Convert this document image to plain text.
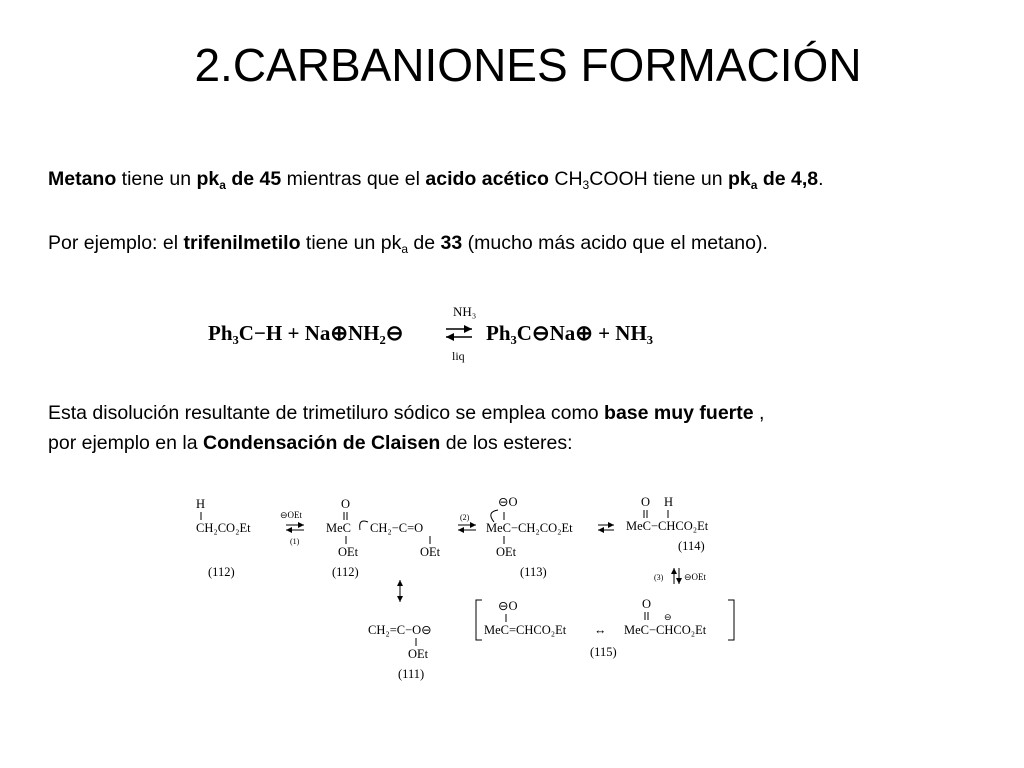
2.CARBANIONES FORMACIÓN
Metano tiene un $pk_a$ de 45 mientras que el acido acético $CH_3COOH$ tiene un $pk_a$ de 4,8.
Por ejemplo: el trifenilmetilo tiene un $pk_a$ de 33 (mucho más acido que el metano).
Ph₃C−H + Na⊕NH₂⊖
NH₃
liq
Ph₃C⊖Na⊕ + NH₃
Esta disolución resultante de trimetiluro sódico se emplea como base muy fuerte ,
por ejemplo en la Condensación de Claisen de los esteres:
H
CH₂CO₂Et
(112)
⊖OEt
(1)
O
MeC CH₂−C=O
OEt	OEt
(112)
(2)
⊖O
MeC−CH₂CO₂Et
OEt
(113)
O H
MeC−CHCO₂Et
(114)
(3) ⊖OEt
CH₂=C−O⊖
OEt
(111)
⊖O
MeC=CHCO₂Et ↔
O
⊖
MeC−CHCO₂Et
(115)
